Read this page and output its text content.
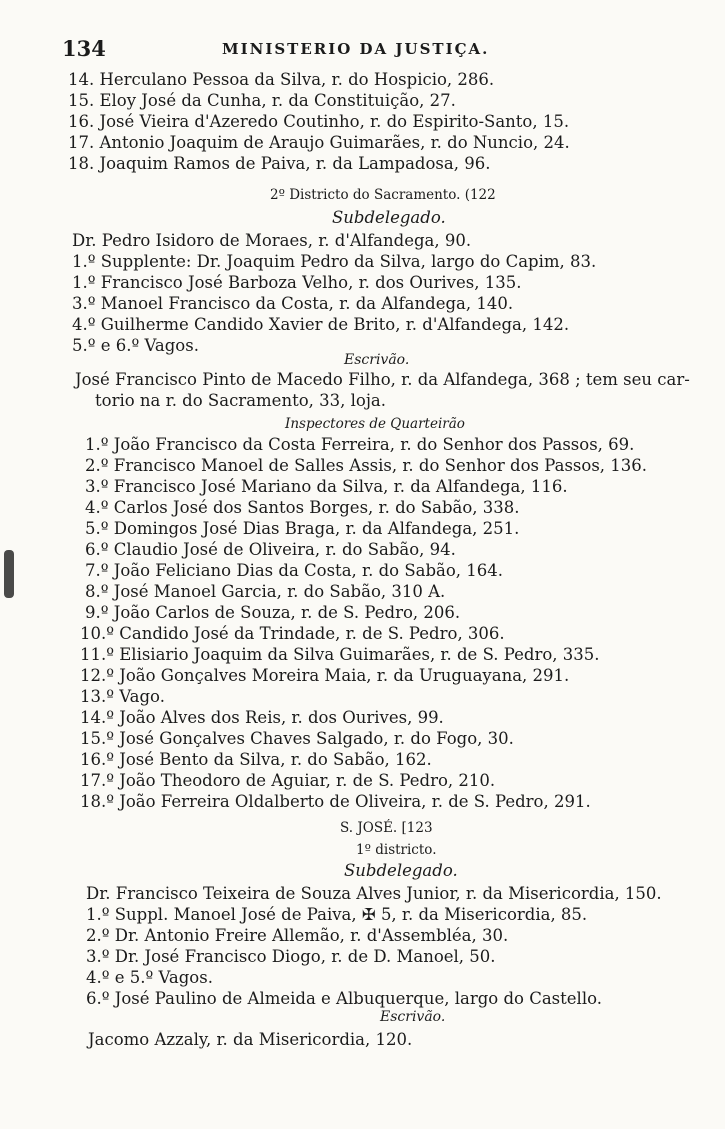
134	MINISTERIO DA JUSTIÇA.
14. Herculano Pessoa da Silva, r. do Hospicio, 286.
15. Eloy José da Cunha, r. da Constituição, 27.
16. José Vieira d'Azeredo Coutinho, r. do Espirito-Santo, 15.
17. Antonio Joaquim de Araujo Guimarães, r. do Nuncio, 24.
18. Joaquim Ramos de Paiva, r. da Lampadosa, 96.
2º Districto do Sacramento. (122
Subdelegado.
Dr. Pedro Isidoro de Moraes, r. d'Alfandega, 90.
1.º Supplente: Dr. Joaquim Pedro da Silva, largo do Capim, 83.
1.º Francisco José Barboza Velho, r. dos Ourives, 135.
3.º Manoel Francisco da Costa, r. da Alfandega, 140.
4.º Guilherme Candido Xavier de Brito, r. d'Alfandega, 142.
5.º e 6.º Vagos.
Escrivão.
José Francisco Pinto de Macedo Filho, r. da Alfandega, 368 ; tem seu car-
torio na r. do Sacramento, 33, loja.
Inspectores de Quarteirão
1.º João Francisco da Costa Ferreira, r. do Senhor dos Passos, 69.
2.º Francisco Manoel de Salles Assis, r. do Senhor dos Passos, 136.
3.º Francisco José Mariano da Silva, r. da Alfandega, 116.
4.º Carlos José dos Santos Borges, r. do Sabão, 338.
5.º Domingos José Dias Braga, r. da Alfandega, 251.
6.º Claudio José de Oliveira, r. do Sabão, 94.
7.º João Feliciano Dias da Costa, r. do Sabão, 164.
8.º José Manoel Garcia, r. do Sabão, 310 A.
9.º João Carlos de Souza, r. de S. Pedro, 206.
10.º Candido José da Trindade, r. de S. Pedro, 306.
11.º Elisiario Joaquim da Silva Guimarães, r. de S. Pedro, 335.
12.º João Gonçalves Moreira Maia, r. da Uruguayana, 291.
13.º Vago.
14.º João Alves dos Reis, r. dos Ourives, 99.
15.º José Gonçalves Chaves Salgado, r. do Fogo, 30.
16.º José Bento da Silva, r. do Sabão, 162.
17.º João Theodoro de Aguiar, r. de S. Pedro, 210.
18.º João Ferreira Oldalberto de Oliveira, r. de S. Pedro, 291.
S. JOSÉ. [123
1º districto.
Subdelegado.
Dr. Francisco Teixeira de Souza Alves Junior, r. da Misericordia, 150.
1.º Suppl. Manoel José de Paiva, ✠ 5, r. da Misericordia, 85.
2.º Dr. Antonio Freire Allemão, r. d'Assembléa, 30.
3.º Dr. José Francisco Diogo, r. de D. Manoel, 50.
4.º e 5.º Vagos.
6.º José Paulino de Almeida e Albuquerque, largo do Castello.
Escrivão.
Jacomo Azzaly, r. da Misericordia, 120.
